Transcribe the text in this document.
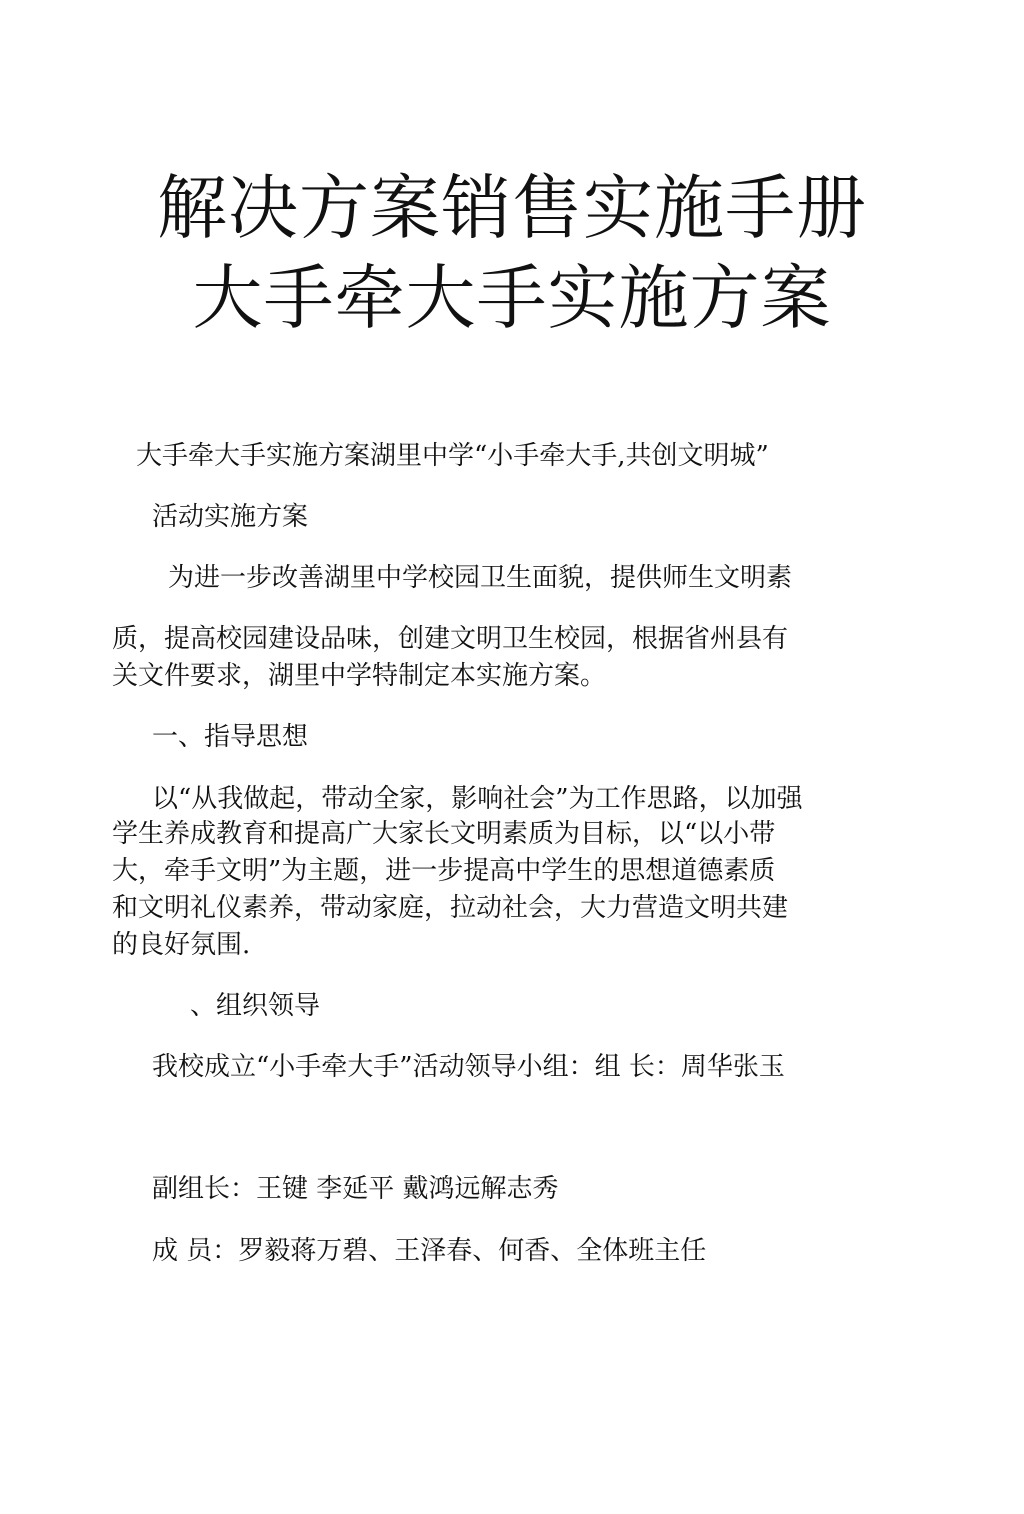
解决方案销售实施手册
大手牵大手实施方案
大手牵大手实施方案湖里中学“小手牵大手,共创文明城”
活动实施方案
为进一步改善湖里中学校园卫生面貌，提供师生文明素
质，提高校园建设品味，创建文明卫生校园，根据省州县有
关文件要求，湖里中学特制定本实施方案。
一、指导思想
以“从我做起，带动全家，影响社会”为工作思路，以加强
学生养成教育和提高广大家长文明素质为目标，以“以小带
大，牵手文明”为主题，进一步提高中学生的思想道德素质
和文明礼仪素养，带动家庭，拉动社会，大力营造文明共建
的良好氛围.
、组织领导
我校成立“小手牵大手”活动领导小组：组 长：周华张玉
副组长：王键 李延平 戴鸿远解志秀
成 员：罗毅蒋万碧、王泽春、何香、全体班主任
